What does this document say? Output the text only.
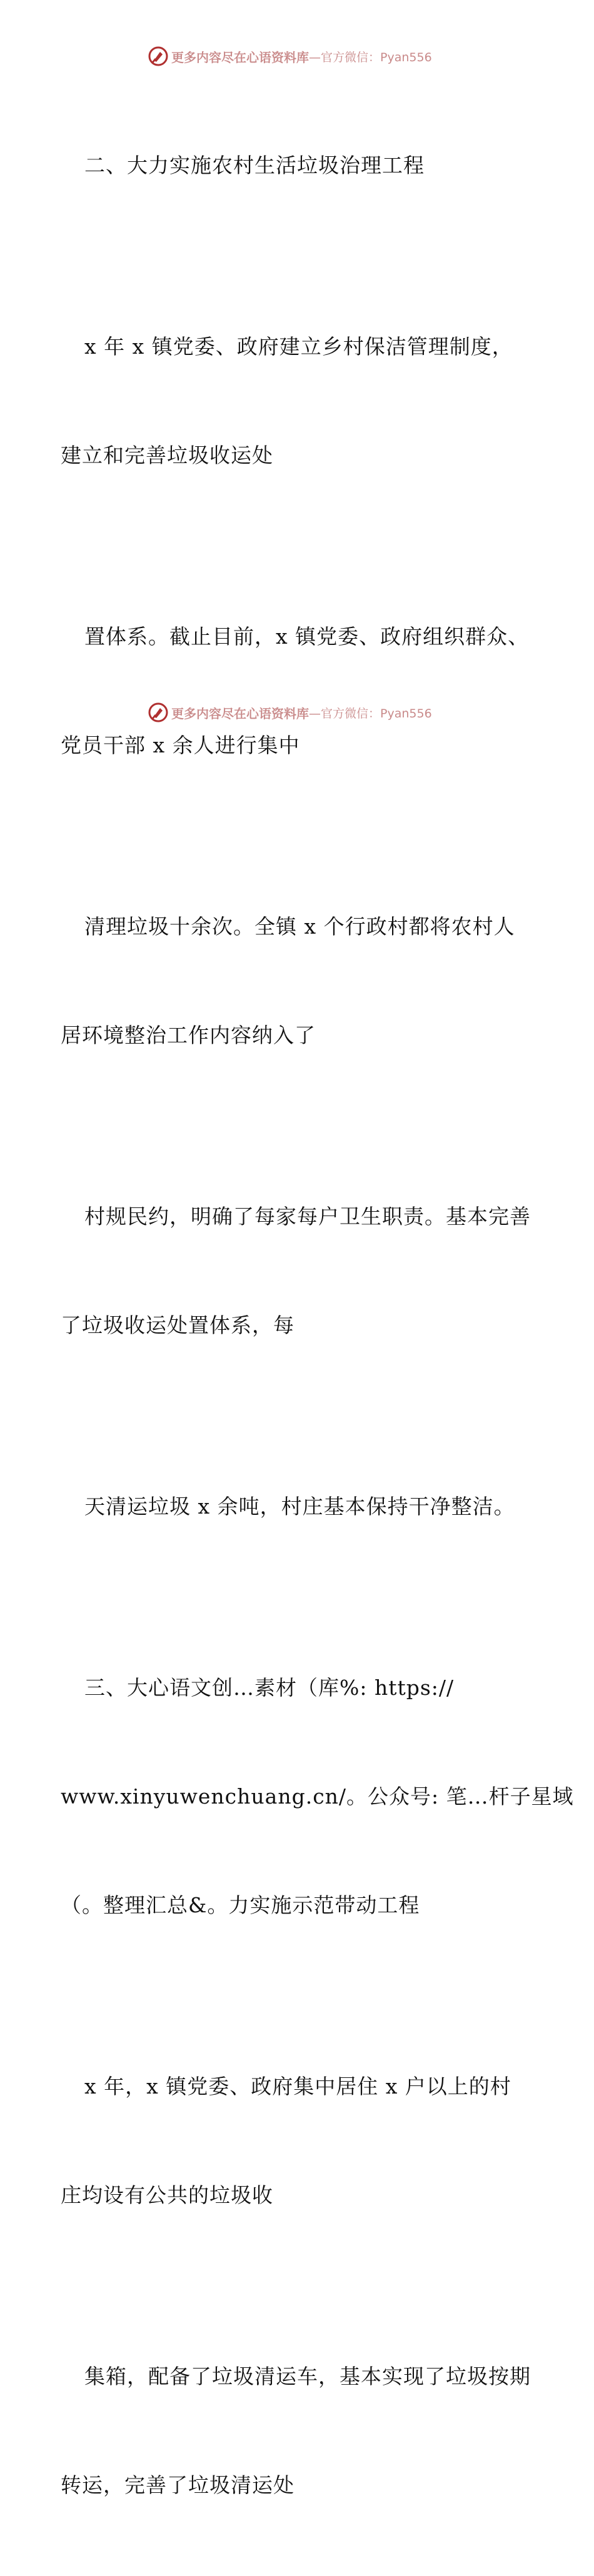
更多内容尽在心语资料库 —官方微信：Pyan556

二、大力实施农村生活垃圾治理工程

x 年 x 镇党委、政府建立乡村保洁管理制度，

建立和完善垃圾收运处

置体系。截止目前，x 镇党委、政府组织群众、

党员干部 x 余人进行集中

清理垃圾十余次。全镇 x 个行政村都将农村人

居环境整治工作内容纳入了

村规民约，明确了每家每户卫生职责。基本完善

了垃圾收运处置体系，每

天清运垃圾 x 余吨，村庄基本保持干净整洁。

三、大心语文创…素材（库%: https://

www.xinyuwenchuang.cn/。公众号: 笔…杆子星域

（。整理汇总&。力实施示范带动工程

x 年，x 镇党委、政府集中居住 x 户以上的村

庄均设有公共的垃圾收

集箱，配备了垃圾清运车，基本实现了垃圾按期

转运，完善了垃圾清运处

更多内容尽在心语资料库 —官方微信：Pyan556
